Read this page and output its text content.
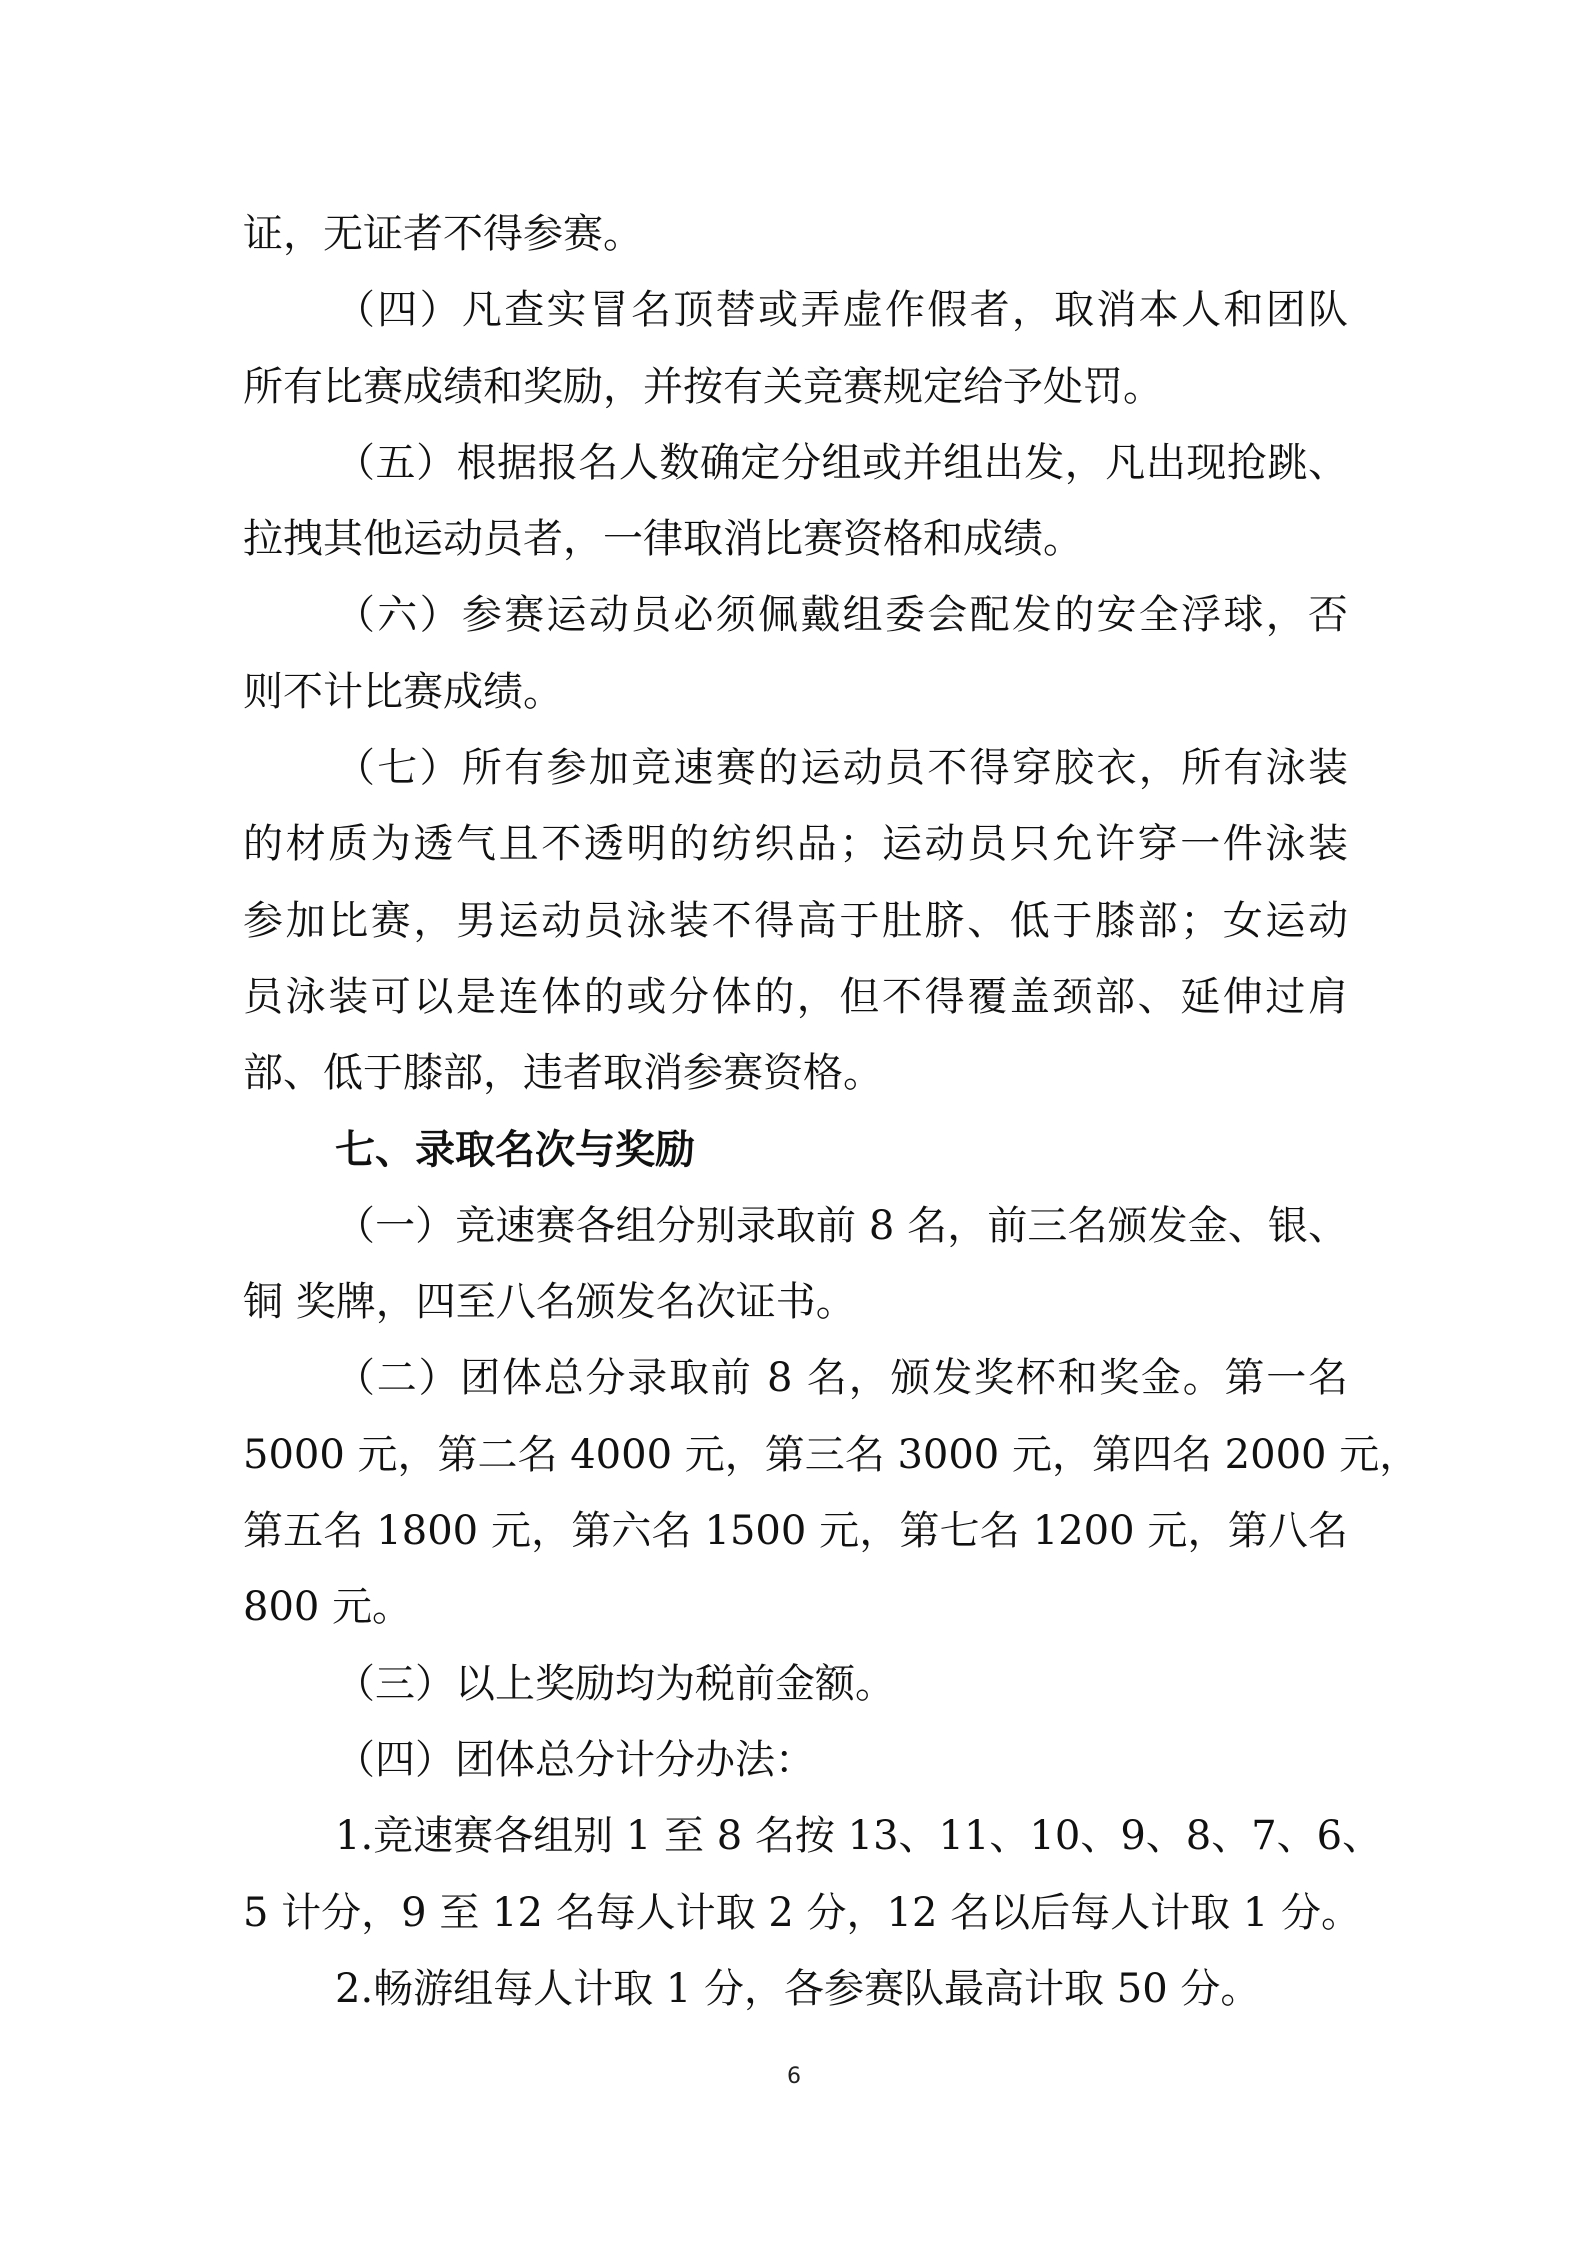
证，无证者不得参赛。
（四）凡查实冒名顶替或弄虚作假者，取消本人和团队
所有比赛成绩和奖励，并按有关竞赛规定给予处罚。
（五）根据报名人数确定分组或并组出发，凡出现抢跳、
拉拽其他运动员者，一律取消比赛资格和成绩。
（六）参赛运动员必须佩戴组委会配发的安全浮球，否
则不计比赛成绩。
（七）所有参加竞速赛的运动员不得穿胶衣，所有泳装
的材质为透气且不透明的纺织品；运动员只允许穿一件泳装
参加比赛，男运动员泳装不得高于肚脐、低于膝部；女运动
员泳装可以是连体的或分体的，但不得覆盖颈部、延伸过肩
部、低于膝部，违者取消参赛资格。
七、录取名次与奖励
（一）竞速赛各组分别录取前 8 名，前三名颁发金、银、
铜 奖牌，四至八名颁发名次证书。
（二）团体总分录取前 8 名，颁发奖杯和奖金。第一名
5000 元，第二名 4000 元，第三名 3000 元，第四名 2000 元，
第五名 1800 元，第六名 1500 元，第七名 1200 元，第八名
800 元。
（三）以上奖励均为税前金额。
（四）团体总分计分办法：
1.竞速赛各组别 1 至 8 名按 13、11、10、9、8、7、6、
5 计分，9 至 12 名每人计取 2 分，12 名以后每人计取 1 分。
2.畅游组每人计取 1 分，各参赛队最高计取 50 分。
6
